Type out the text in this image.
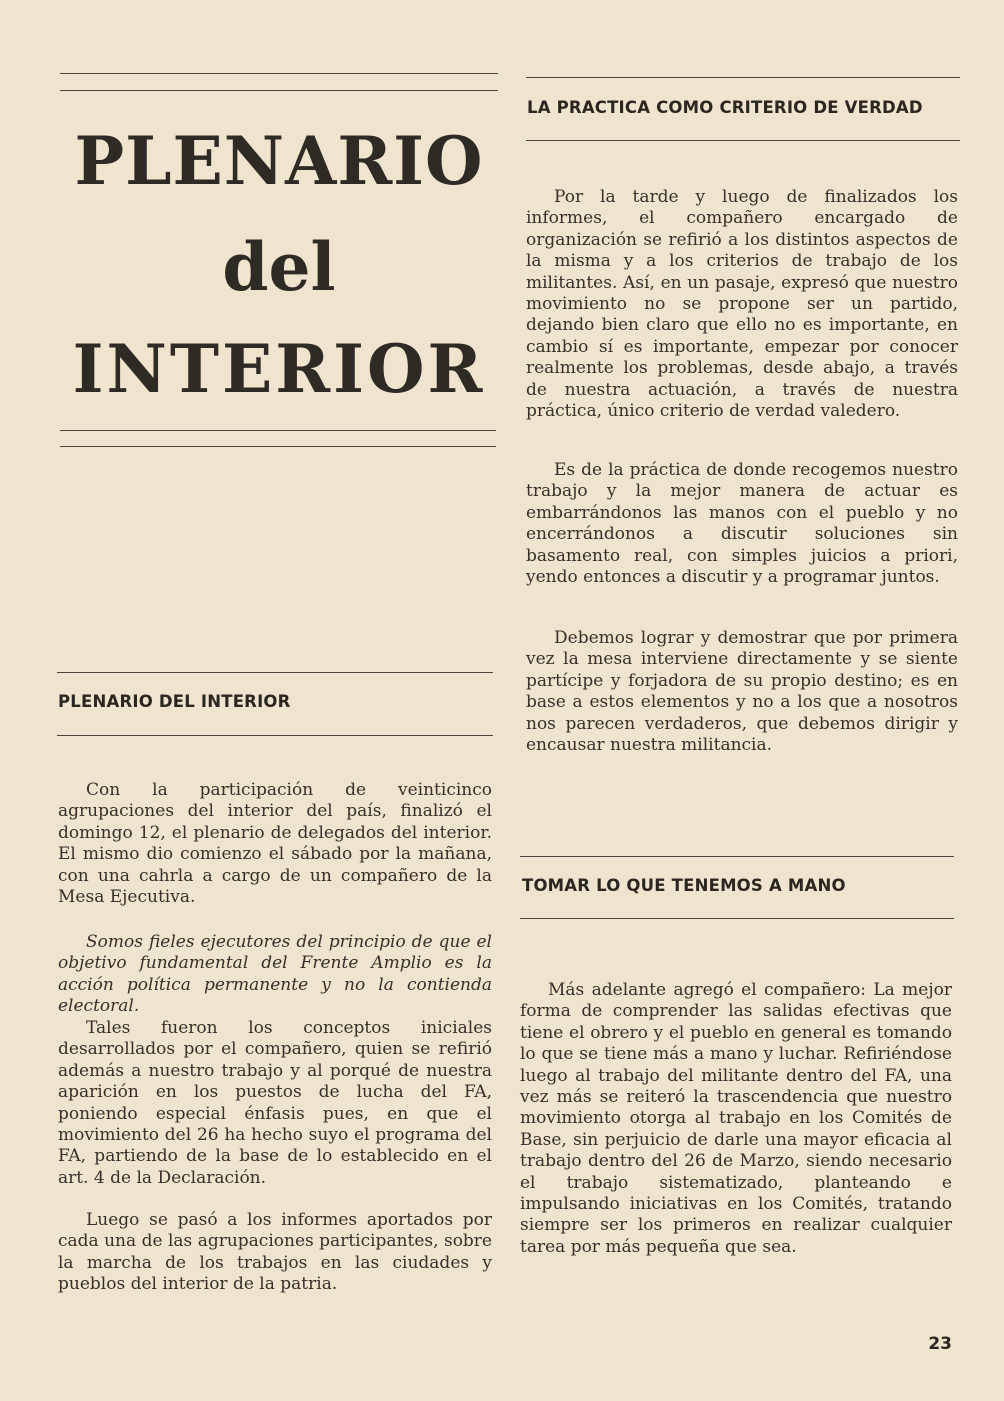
PLENARIO
del
INTERIOR
PLENARIO DEL INTERIOR

Con la participación de veinticinco agrupaciones del interior del país, finalizó el domingo 12, el plenario de delegados del interior. El mismo dio comienzo el sábado por la mañana, con una cahrla a cargo de un compañero de la Mesa Ejecutiva.

Somos fieles ejecutores del principio de que el objetivo fundamental del Frente Amplio es la acción política permanente y no la contienda electoral.

Tales fueron los conceptos iniciales desarrollados por el compañero, quien se refirió además a nuestro trabajo y al porqué de nuestra aparición en los puestos de lucha del FA, poniendo especial énfasis pues, en que el movimiento del 26 ha hecho suyo el programa del FA, partiendo de la base de lo establecido en el art. 4 de la Declaración.

Luego se pasó a los informes aportados por cada una de las agrupaciones participantes, sobre la marcha de los trabajos en las ciudades y pueblos del interior de la patria.

LA PRACTICA COMO CRITERIO DE VERDAD

Por la tarde y luego de finalizados los informes, el compañero encargado de organización se refirió a los distintos aspectos de la misma y a los criterios de trabajo de los militantes. Así, en un pasaje, expresó que nuestro movimiento no se propone ser un partido, dejando bien claro que ello no es importante, en cambio sí es importante, empezar por conocer realmente los problemas, desde abajo, a través de nuestra actuación, a través de nuestra práctica, único criterio de verdad valedero.

Es de la práctica de donde recogemos nuestro trabajo y la mejor manera de actuar es embarrándonos las manos con el pueblo y no encerrándonos a discutir soluciones sin basamento real, con simples juicios a priori, yendo entonces a discutir y a programar juntos.

Debemos lograr y demostrar que por primera vez la mesa interviene directamente y se siente partícipe y forjadora de su propio destino; es en base a estos elementos y no a los que a nosotros nos parecen verdaderos, que debemos dirigir y encausar nuestra militancia.

TOMAR LO QUE TENEMOS A MANO

Más adelante agregó el compañero: La mejor forma de comprender las salidas efectivas que tiene el obrero y el pueblo en general es tomando lo que se tiene más a mano y luchar. Refiriéndose luego al trabajo del militante dentro del FA, una vez más se reiteró la trascendencia que nuestro movimiento otorga al trabajo en los Comités de Base, sin perjuicio de darle una mayor eficacia al trabajo dentro del 26 de Marzo, siendo necesario el trabajo sistematizado, planteando e impulsando iniciativas en los Comités, tratando siempre ser los primeros en realizar cualquier tarea por más pequeña que sea.

23
